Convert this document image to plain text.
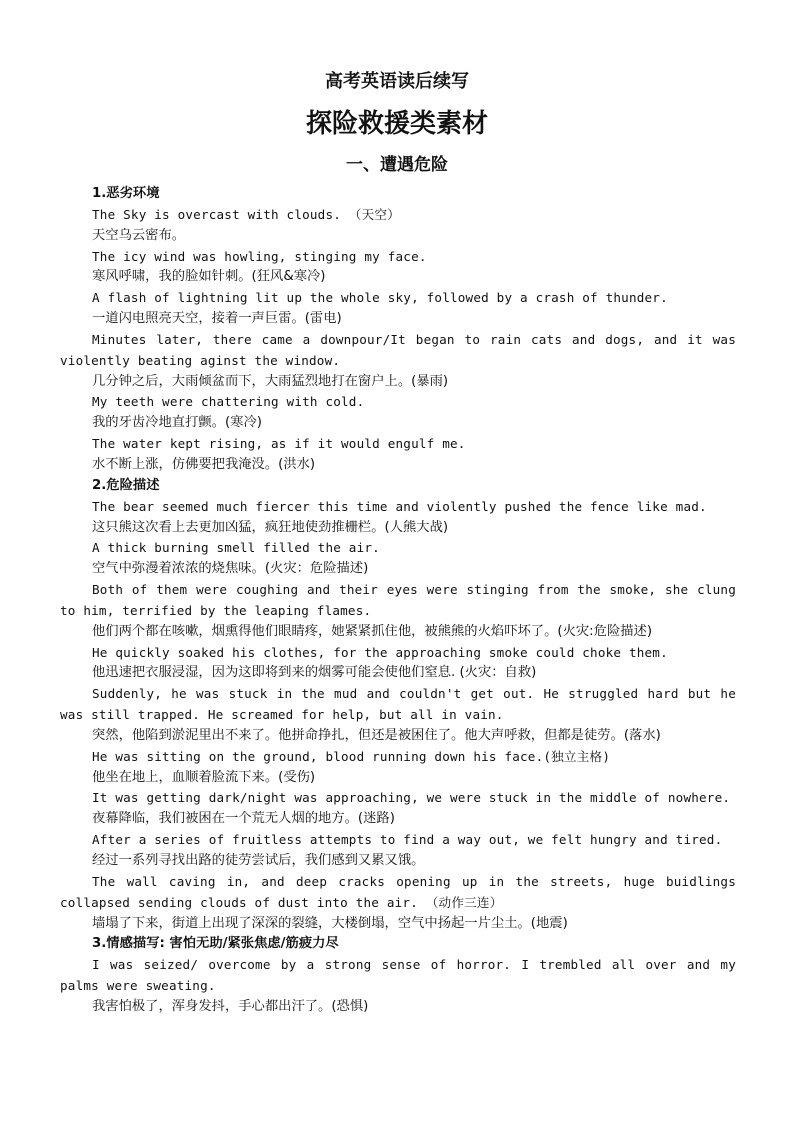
高考英语读后续写
探险救援类素材
一、遭遇危险

1.恶劣环境

The Sky is overcast with clouds. （天空）

天空乌云密布。

The icy wind was howling, stinging my face.

寒风呼啸，我的脸如针刺。(狂风&寒冷)

A flash of lightning lit up the whole sky, followed by a crash of thunder.

一道闪电照亮天空，接着一声巨雷。(雷电)

Minutes later, there came a downpour/It began to rain cats and dogs, and it was violently beating aginst the window.

几分钟之后，大雨倾盆而下，大雨猛烈地打在窗户上。(暴雨)

My teeth were chattering with cold.

我的牙齿冷地直打颤。(寒冷)

The water kept rising, as if it would engulf me.

水不断上涨，仿佛要把我淹没。(洪水)

2.危险描述

The bear seemed much fiercer this time and violently pushed the fence like mad.

这只熊这次看上去更加凶猛，疯狂地使劲推栅栏。(人熊大战)

A thick burning smell filled the air.

空气中弥漫着浓浓的烧焦味。(火灾：危险描述)

Both of them were coughing and their eyes were stinging from the smoke, she clung to him, terrified by the leaping flames.

他们两个都在咳嗽，烟熏得他们眼睛疼，她紧紧抓住他，被熊熊的火焰吓坏了。(火灾:危险描述)

He quickly soaked his clothes, for the approaching smoke could choke them.

他迅速把衣服浸湿，因为这即将到来的烟雾可能会使他们窒息. (火灾：自救)

Suddenly, he was stuck in the mud and couldn't get out. He struggled hard but he was still trapped. He screamed for help, but all in vain.

突然，他陷到淤泥里出不来了。他拼命挣扎，但还是被困住了。他大声呼救，但都是徒劳。(落水)

He was sitting on the ground, blood running down his face.(独立主格)

他坐在地上，血顺着脸流下来。(受伤)

It was getting dark/night was approaching, we were stuck in the middle of nowhere.

夜幕降临，我们被困在一个荒无人烟的地方。(迷路)

After a series of fruitless attempts to find a way out, we felt hungry and tired.

经过一系列寻找出路的徒劳尝试后，我们感到又累又饿。

The wall caving in, and deep cracks opening up in the streets, huge buidlings collapsed sending clouds of dust into the air. （动作三连）

墙塌了下来，街道上出现了深深的裂缝，大楼倒塌，空气中扬起一片尘土。(地震)

3.情感描写: 害怕无助/紧张焦虑/筋疲力尽

I was seized/ overcome by a strong sense of horror. I trembled all over and my palms were sweating.

我害怕极了，浑身发抖，手心都出汗了。(恐惧)
